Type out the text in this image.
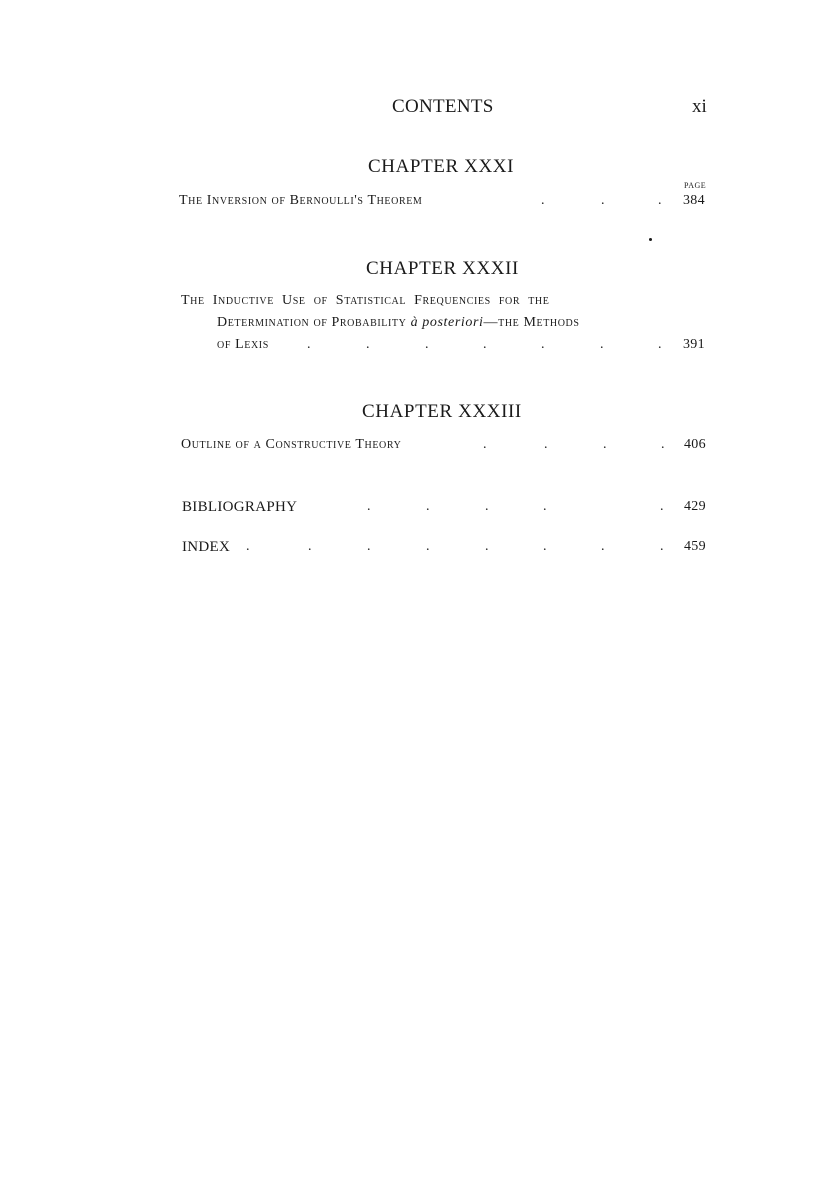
CONTENTS	xi
CHAPTER XXXI
PAGE
The Inversion of Bernoulli's Theorem	.	.	. 384
CHAPTER XXXII
The Inductive Use of Statistical Frequencies for the
Determination of Probability à posteriori—the Methods
of Lexis	.	.	.	.	.	.	. 391
CHAPTER XXXIII
Outline of a Constructive Theory	.	.	.	. 406
BIBLIOGRAPHY	.	.	.	.	. 429
INDEX .	.	.	.	.	.	.	. 459
